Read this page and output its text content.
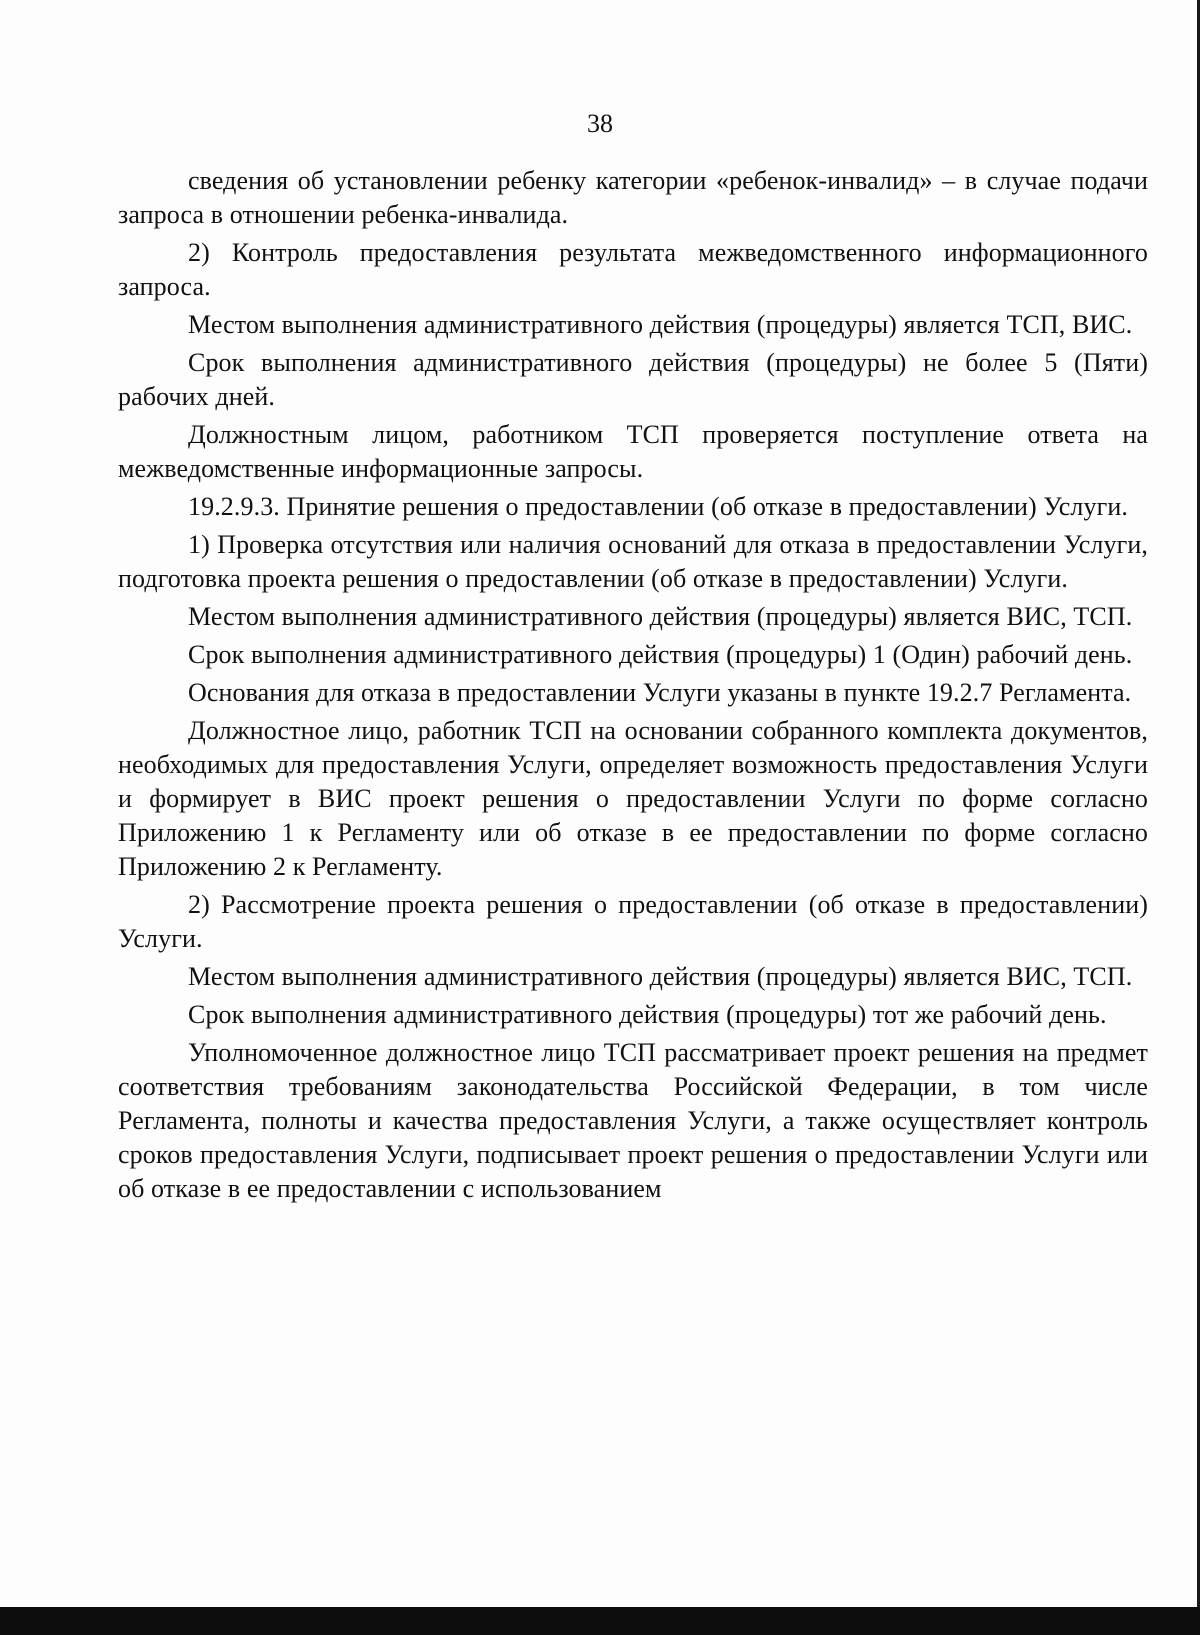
38

сведения об установлении ребенку категории «ребенок-инвалид» – в случае подачи запроса в отношении ребенка-инвалида.

2) Контроль предоставления результата межведомственного информационного запроса.

Местом выполнения административного действия (процедуры) является ТСП, ВИС.

Срок выполнения административного действия (процедуры) не более 5 (Пяти) рабочих дней.

Должностным лицом, работником ТСП проверяется поступление ответа на межведомственные информационные запросы.

19.2.9.3. Принятие решения о предоставлении (об отказе в предоставлении) Услуги.

1) Проверка отсутствия или наличия оснований для отказа в предоставлении Услуги, подготовка проекта решения о предоставлении (об отказе в предоставлении) Услуги.

Местом выполнения административного действия (процедуры) является ВИС, ТСП.

Срок выполнения административного действия (процедуры) 1 (Один) рабочий день.

Основания для отказа в предоставлении Услуги указаны в пункте 19.2.7 Регламента.

Должностное лицо, работник ТСП на основании собранного комплекта документов, необходимых для предоставления Услуги, определяет возможность предоставления Услуги и формирует в ВИС проект решения о предоставлении Услуги по форме согласно Приложению 1 к Регламенту или об отказе в ее предоставлении по форме согласно Приложению 2 к Регламенту.

2) Рассмотрение проекта решения о предоставлении (об отказе в предоставлении) Услуги.

Местом выполнения административного действия (процедуры) является ВИС, ТСП.

Срок выполнения административного действия (процедуры) тот же рабочий день.

Уполномоченное должностное лицо ТСП рассматривает проект решения на предмет соответствия требованиям законодательства Российской Федерации, в том числе Регламента, полноты и качества предоставления Услуги, а также осуществляет контроль сроков предоставления Услуги, подписывает проект решения о предоставлении Услуги или об отказе в ее предоставлении с использованием
